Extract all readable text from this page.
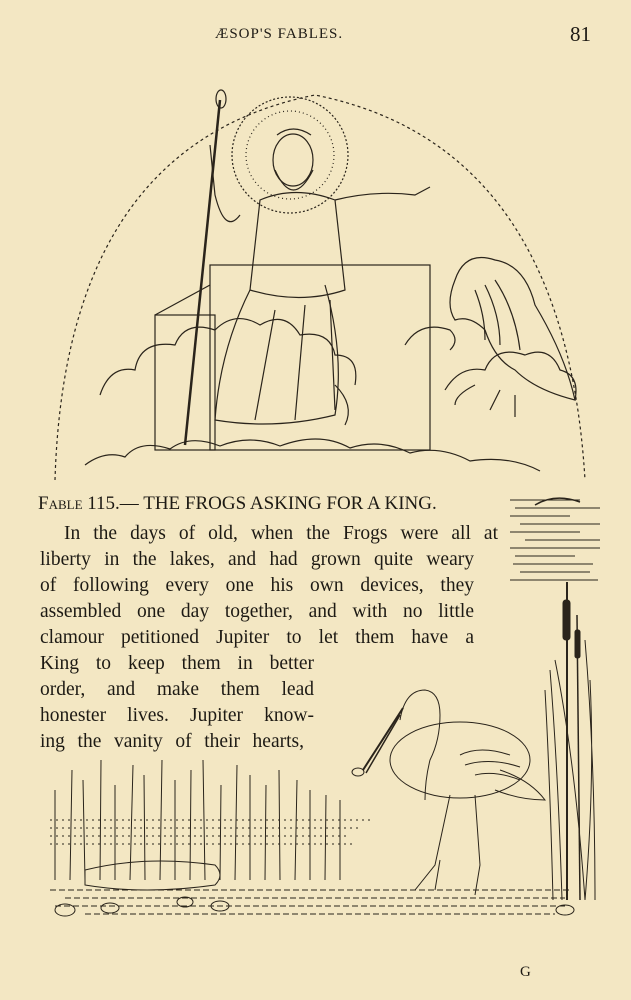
ÆSOP'S FABLES.	81
Fable 115.— THE FROGS ASKING FOR A KING.
In the days of old, when the Frogs were all at
liberty in the lakes, and had grown quite weary
of following every one his own devices, they
assembled one day together, and with no little
clamour petitioned Jupiter to let them have a
King to keep them in better
order, and make them lead
honester lives. Jupiter know-
ing the vanity of their hearts,
G
